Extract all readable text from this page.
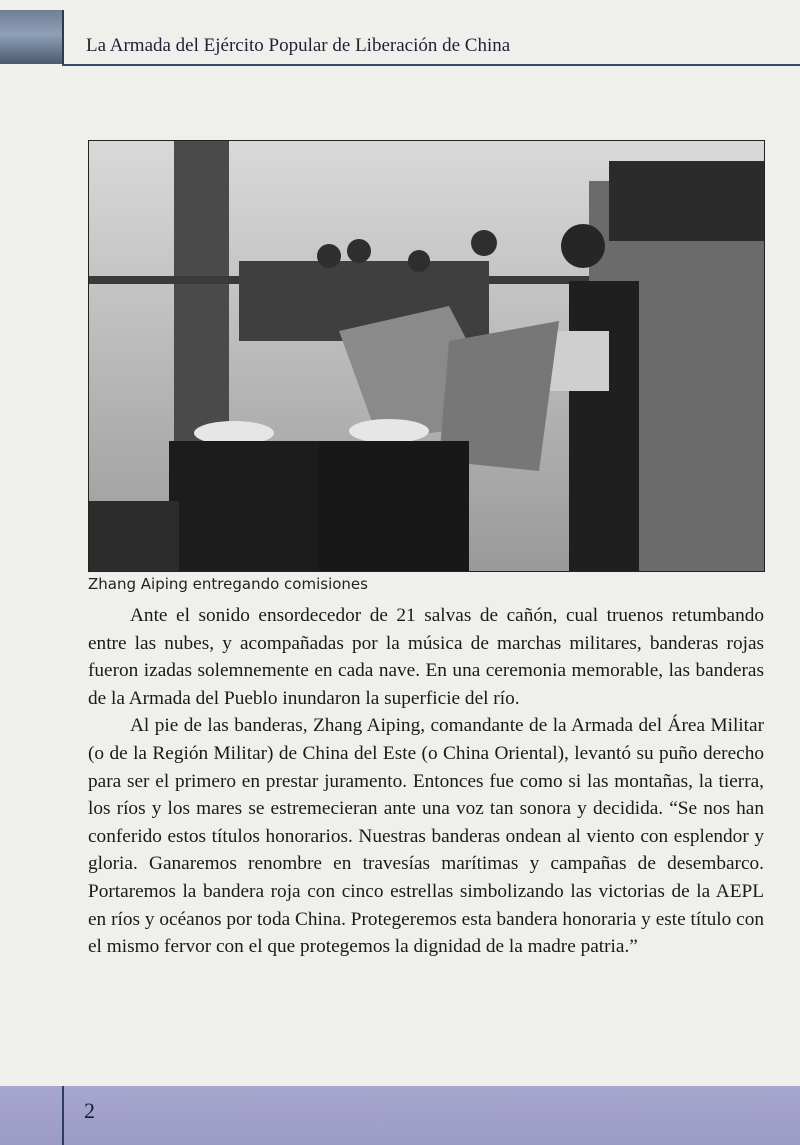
La Armada del Ejército Popular de Liberación de China
Zhang Aiping entregando comisiones

Ante el sonido ensordecedor de 21 salvas de cañón, cual truenos retumbando entre las nubes, y acompañadas por la música de marchas militares, banderas rojas fueron izadas solemnemente en cada nave. En una ceremonia memorable, las banderas de la Armada del Pueblo inundaron la superficie del río.

Al pie de las banderas, Zhang Aiping, comandante de la Armada del Área Militar (o de la Región Militar) de China del Este (o China Oriental), levantó su puño derecho para ser el primero en prestar juramento. Entonces fue como si las montañas, la tierra, los ríos y los mares se estremecieran ante una voz tan sonora y decidida. “Se nos han conferido estos títulos honorarios. Nuestras banderas ondean al viento con esplendor y gloria. Ganaremos renombre en travesías marítimas y campañas de desembarco. Portaremos la bandera roja con cinco estrellas simbolizando las victorias de la AEPL en ríos y océanos por toda China. Protegeremos esta bandera honoraria y este título con el mismo fervor con el que protegemos la dignidad de la madre patria.”

2
